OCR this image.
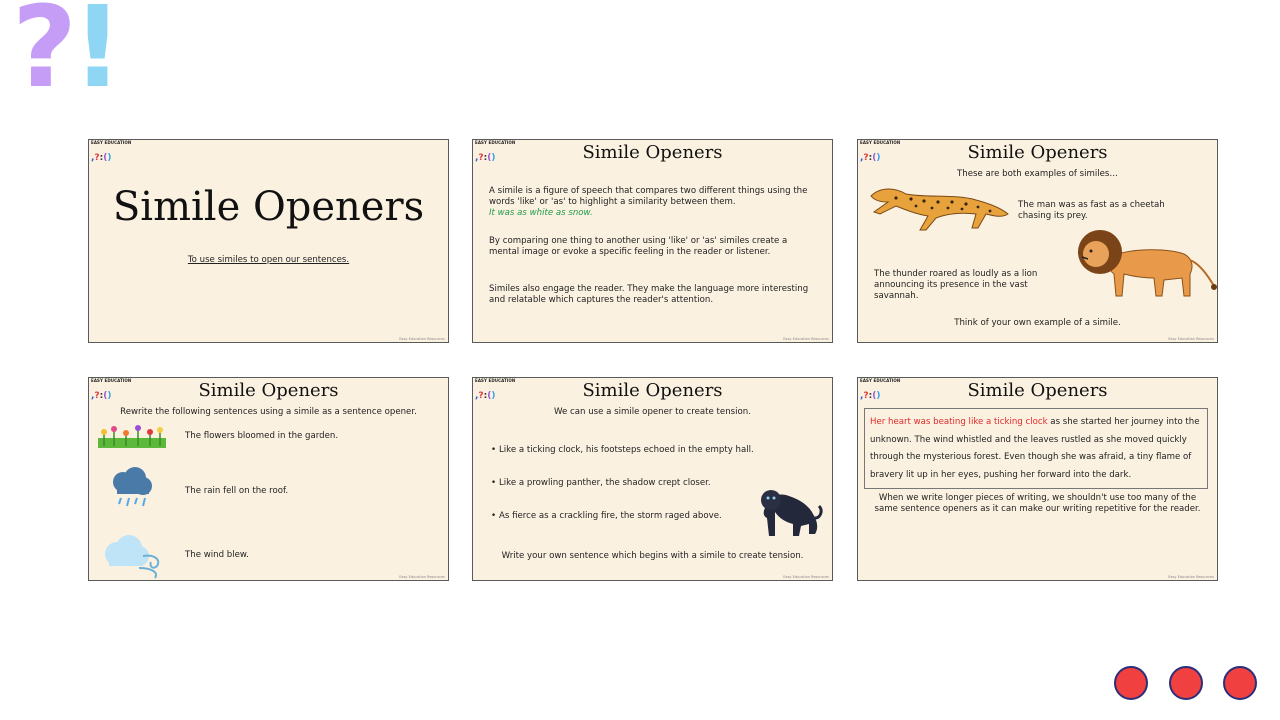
?
!
EASY EDUCATION
,?:()
Simile Openers
To use similes to open our sentences.
Easy Education Resources
EASY EDUCATION
,?:()	Simile Openers
A simile is a figure of speech that compares two different things using the words 'like' or 'as' to highlight a similarity between them.
It was as white as snow.
By comparing one thing to another using 'like' or 'as' similes create a mental image or evoke a specific feeling in the reader or listener.
Similes also engage the reader. They make the language more interesting and relatable which captures the reader's attention.
Easy Education Resources
EASY EDUCATION
,?:()	Simile Openers
These are both examples of similes…
The man was as fast as a cheetah chasing its prey.
The thunder roared as loudly as a lion announcing its presence in the vast savannah.
Think of your own example of a simile.
Easy Education Resources
EASY EDUCATION
,?:()	Simile Openers
Rewrite the following sentences using a simile as a sentence opener.
The flowers bloomed in the garden.
The rain fell on the roof.
The wind blew.
Easy Education Resources
EASY EDUCATION
,?:()	Simile Openers
We can use a simile opener to create tension.
• Like a ticking clock, his footsteps echoed in the empty hall.
• Like a prowling panther, the shadow crept closer.
• As fierce as a crackling fire, the storm raged above.
Write your own sentence which begins with a simile to create tension.
Easy Education Resources
EASY EDUCATION
,?:()	Simile Openers
Her heart was beating like a ticking clock as she started her journey into the unknown. The wind whistled and the leaves rustled as she moved quickly through the mysterious forest. Even though she was afraid, a tiny flame of bravery lit up in her eyes, pushing her forward into the dark.
When we write longer pieces of writing, we shouldn't use too many of the same sentence openers as it can make our writing repetitive for the reader.
Easy Education Resources
